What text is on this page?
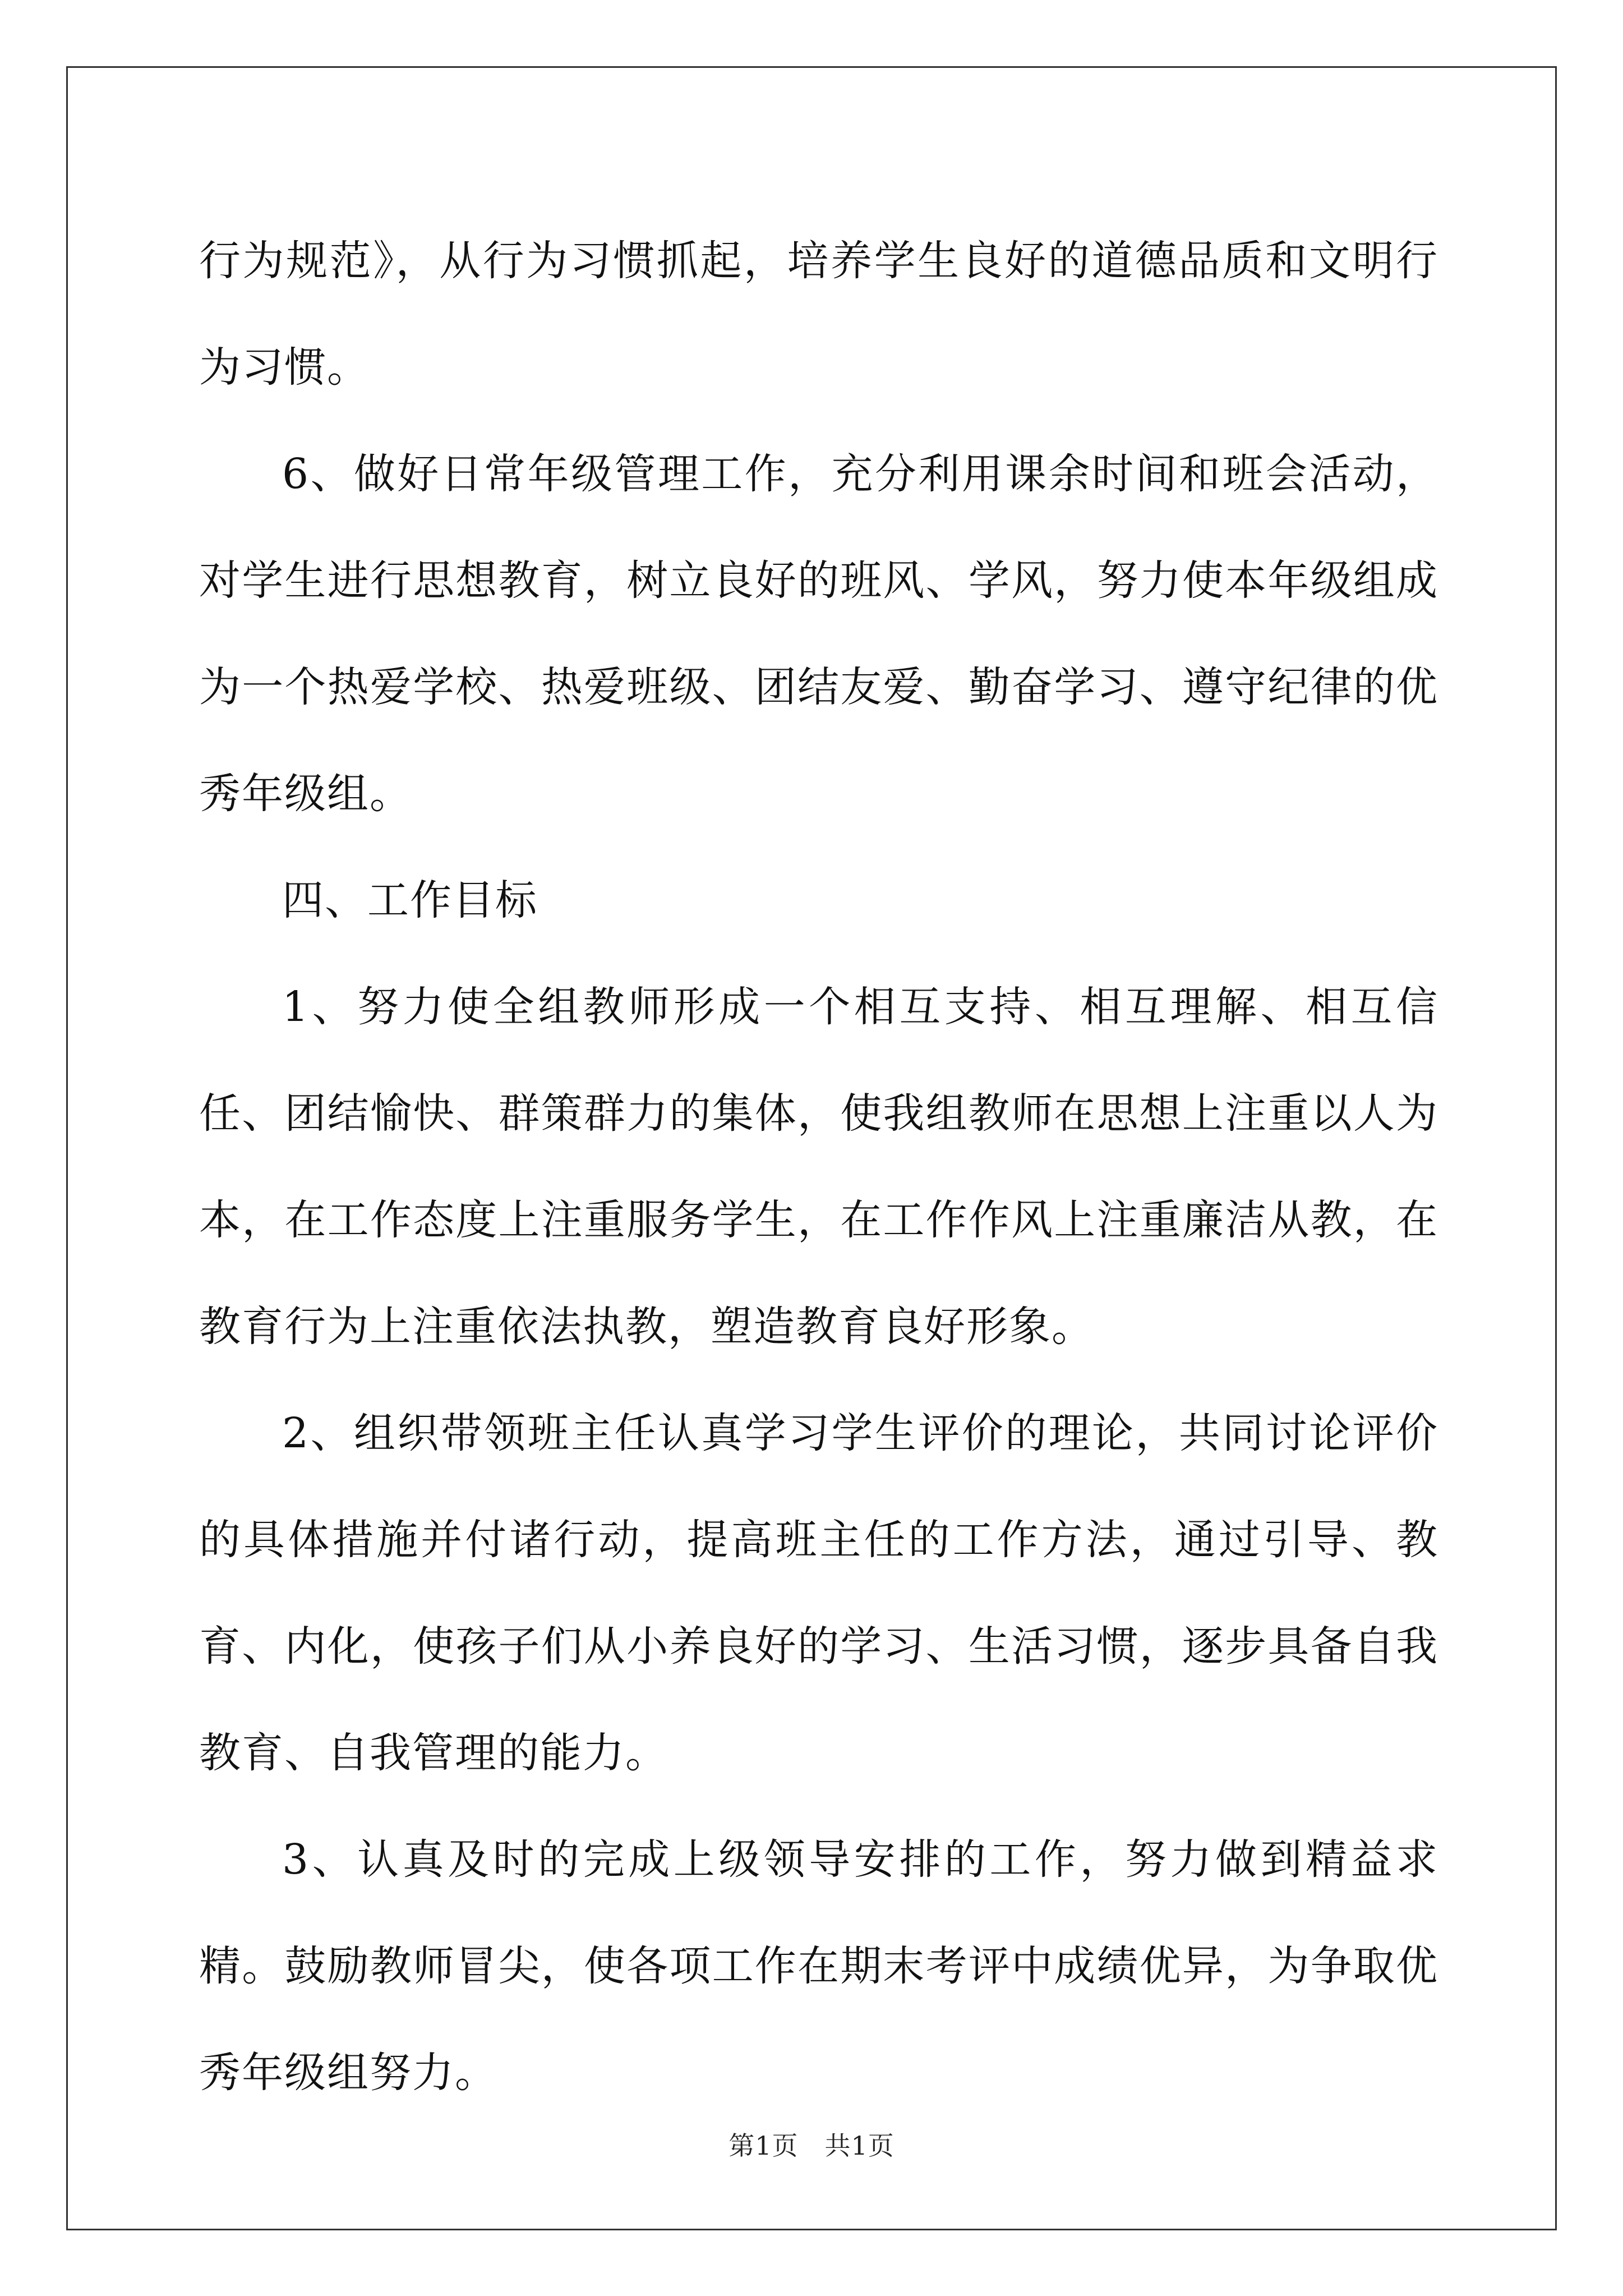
行为规范》，从行为习惯抓起，培养学生良好的道德品质和文明行为习惯。

6、做好日常年级管理工作，充分利用课余时间和班会活动，对学生进行思想教育，树立良好的班风、学风，努力使本年级组成为一个热爱学校、热爱班级、团结友爱、勤奋学习、遵守纪律的优秀年级组。

四、工作目标

1、努力使全组教师形成一个相互支持、相互理解、相互信任、团结愉快、群策群力的集体，使我组教师在思想上注重以人为本，在工作态度上注重服务学生，在工作作风上注重廉洁从教，在教育行为上注重依法执教，塑造教育良好形象。

2、组织带领班主任认真学习学生评价的理论，共同讨论评价的具体措施并付诸行动，提高班主任的工作方法，通过引导、教育、内化，使孩子们从小养良好的学习、生活习惯，逐步具备自我教育、自我管理的能力。

3、认真及时的完成上级领导安排的工作，努力做到精益求精。鼓励教师冒尖，使各项工作在期末考评中成绩优异，为争取优秀年级组努力。

第1页　共1页
